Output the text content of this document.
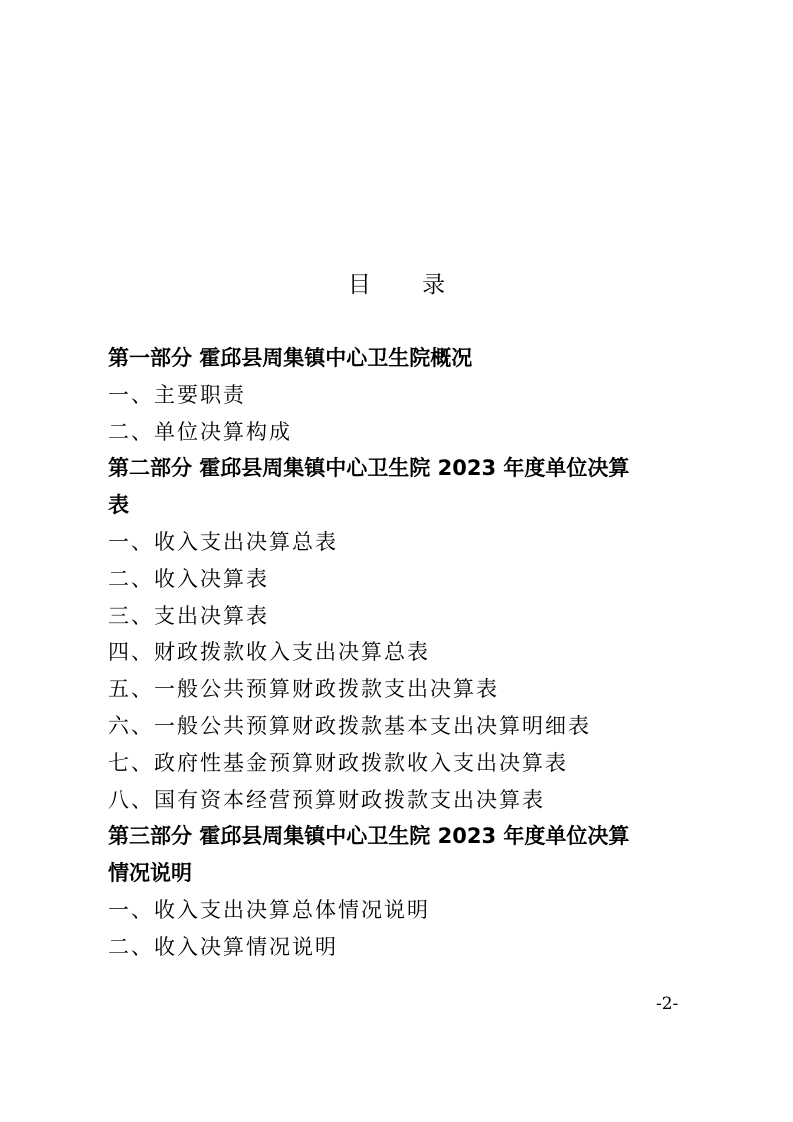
目 录
第一部分 霍邱县周集镇中心卫生院概况
一、主要职责
二、单位决算构成
第二部分 霍邱县周集镇中心卫生院 2023 年度单位决算
表
一、收入支出决算总表
二、收入决算表
三、支出决算表
四、财政拨款收入支出决算总表
五、一般公共预算财政拨款支出决算表
六、一般公共预算财政拨款基本支出决算明细表
七、政府性基金预算财政拨款收入支出决算表
八、国有资本经营预算财政拨款支出决算表
第三部分 霍邱县周集镇中心卫生院 2023 年度单位决算
情况说明
一、收入支出决算总体情况说明
二、收入决算情况说明
-2-
